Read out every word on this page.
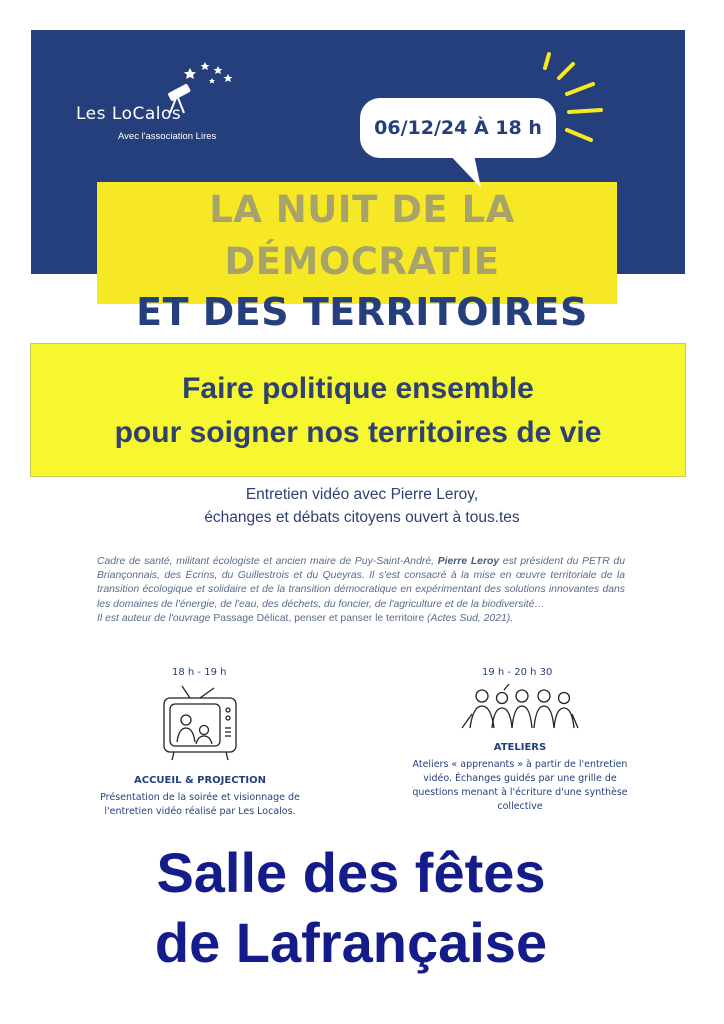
Les LoCalos
Avec l'association Lires	06/12/24 À 18 h
LA NUIT DE LA
DÉMOCRATIE
ET DES TERRITOIRES
Faire politique ensemble
pour soigner nos territoires de vie
Entretien vidéo avec Pierre Leroy,
échanges et débats citoyens ouvert à tous.tes
Cadre de santé, militant écologiste et ancien maire de Puy-Saint-André, Pierre Leroy est président du PETR du Briançonnais, des Écrins, du Guillestrois et du Queyras. Il s'est consacré à la mise en œuvre territoriale de la transition écologique et solidaire et de la transition démocratique en expérimentant des solutions innovantes dans les domaines de l'énergie, de l'eau, des déchets, du foncier, de l'agriculture et de la biodiversité…
Il est auteur de l'ouvrage Passage Délicat, penser et panser le territoire (Actes Sud, 2021).
18 h - 19 h	19 h - 20 h 30
ACCUEIL & PROJECTION
Présentation de la soirée et visionnage de l'entretien vidéo réalisé par Les Localos.
ATELIERS
Ateliers « apprenants » à partir de l'entretien vidéo. Échanges guidés par une grille de questions menant à l'écriture d'une synthèse collective
Salle des fêtes
de Lafrançaise
